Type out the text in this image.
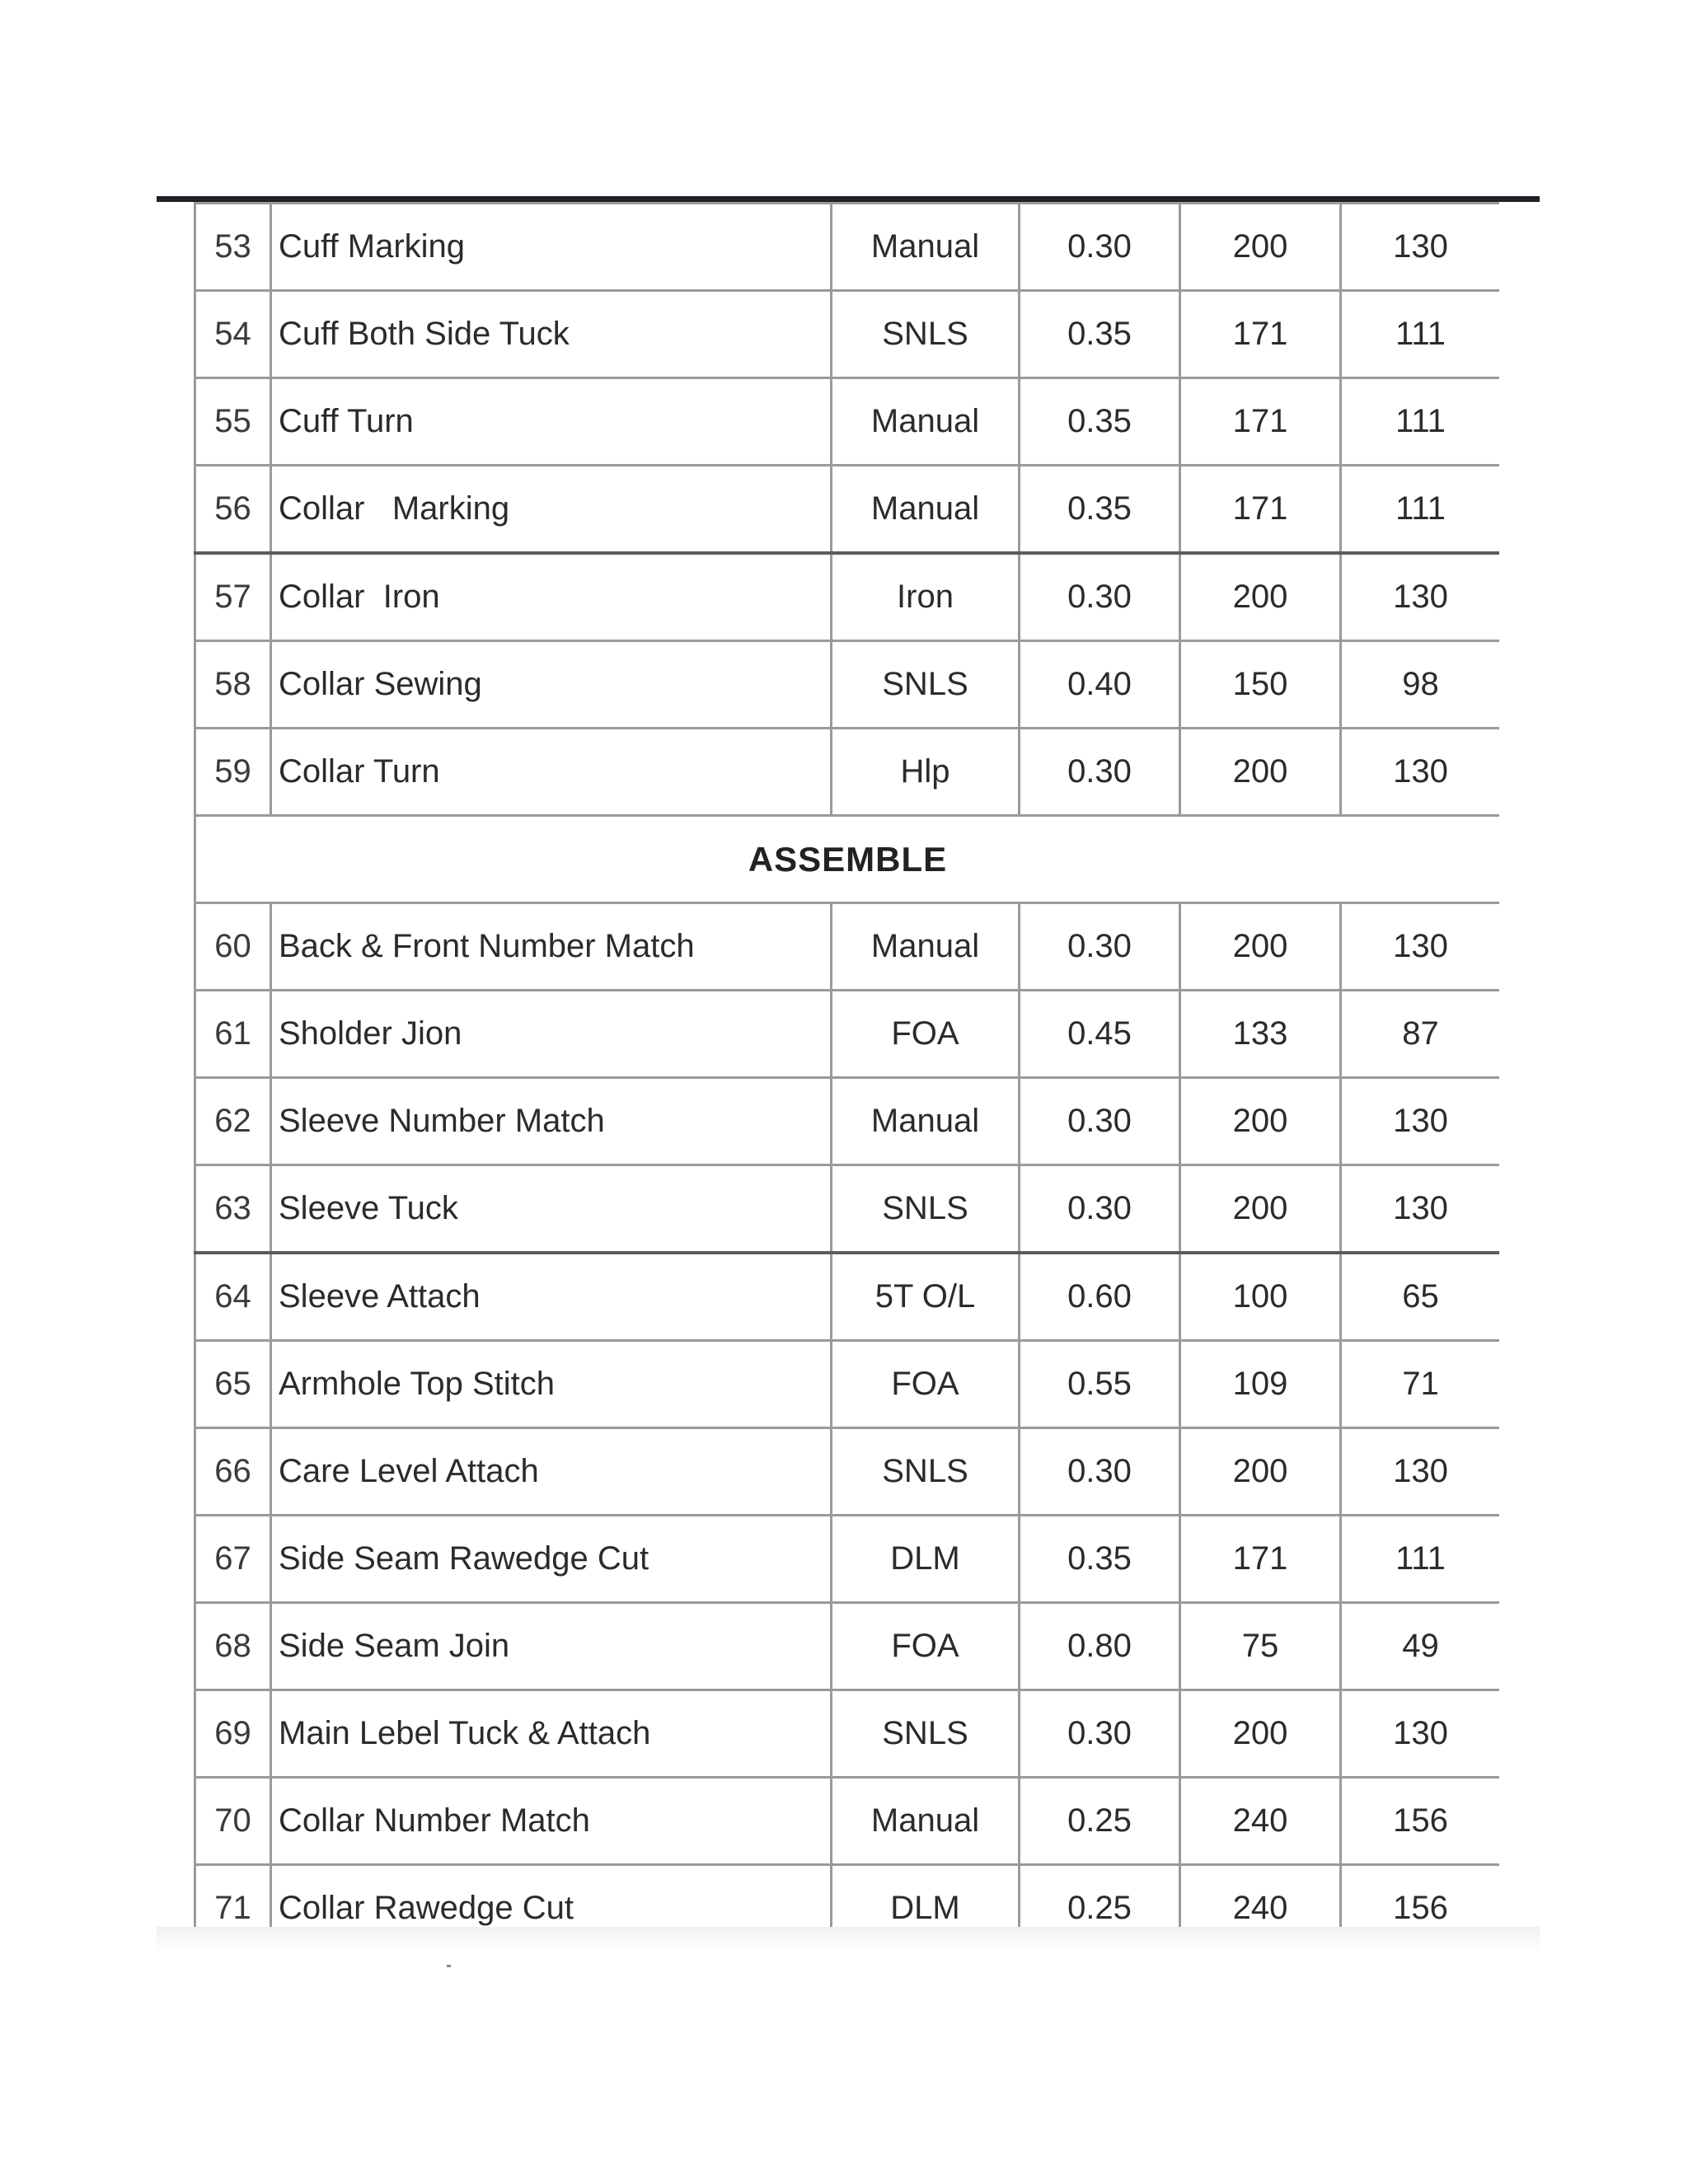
53	Cuff Marking	Manual	0.30	200	130
54	Cuff Both Side Tuck	SNLS	0.35	171	111
55	Cuff Turn	Manual	0.35	171	111
56	Collar   Marking	Manual	0.35	171	111
57	Collar  Iron	Iron	0.30	200	130
58	Collar Sewing	SNLS	0.40	150	98
59	Collar Turn	Hlp	0.30	200	130
ASSEMBLE					
60	Back & Front Number Match	Manual	0.30	200	130
61	Sholder Jion	FOA	0.45	133	87
62	Sleeve Number Match	Manual	0.30	200	130
63	Sleeve Tuck	SNLS	0.30	200	130
64	Sleeve Attach	5T O/L	0.60	100	65
65	Armhole Top Stitch	FOA	0.55	109	71
66	Care Level Attach	SNLS	0.30	200	130
67	Side Seam Rawedge Cut	DLM	0.35	171	111
68	Side Seam Join	FOA	0.80	75	49
69	Main Lebel Tuck & Attach	SNLS	0.30	200	130
70	Collar Number Match	Manual	0.25	240	156
71	Collar Rawedge Cut	DLM	0.25	240	156
